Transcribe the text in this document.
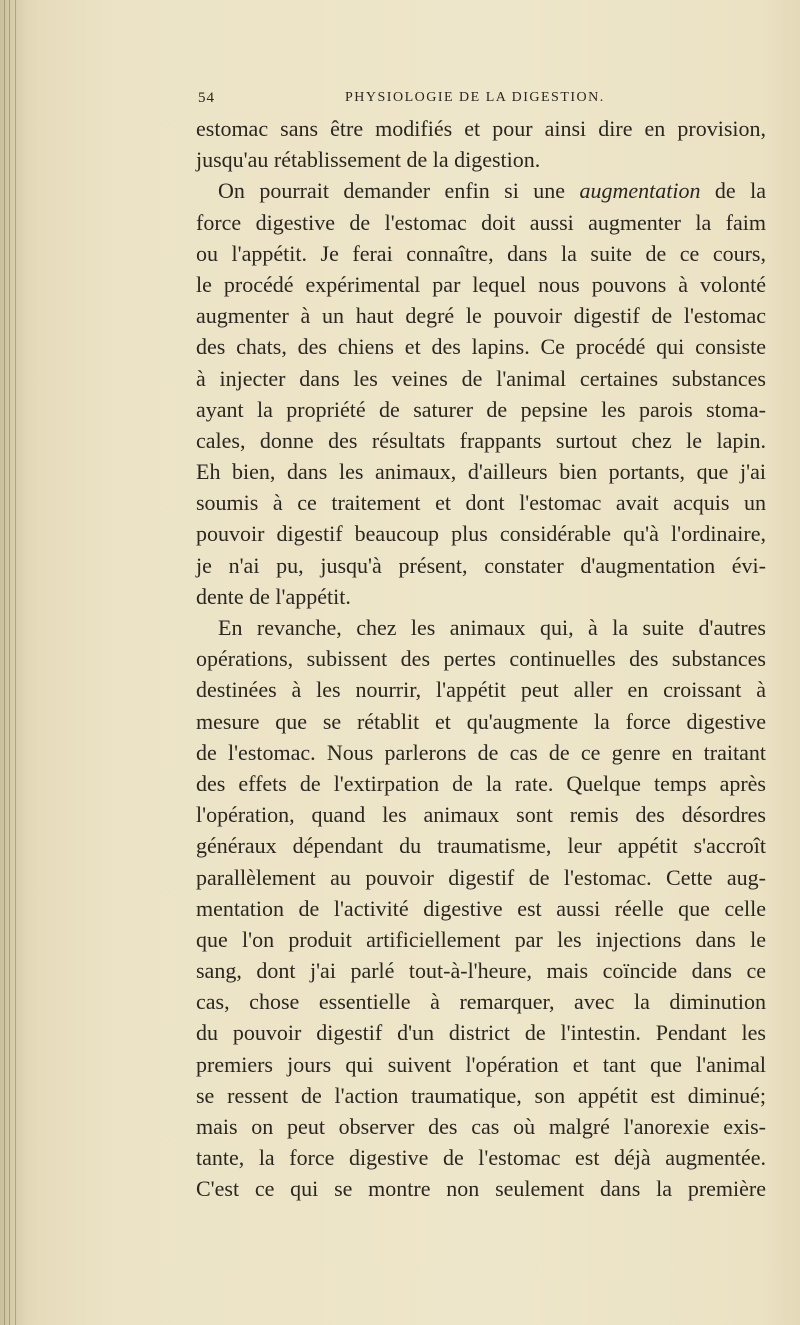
54	PHYSIOLOGIE DE LA DIGESTION.
estomac sans être modifiés et pour ainsi dire en provision,
jusqu'au rétablissement de la digestion.
On pourrait demander enfin si une augmentation de la
force digestive de l'estomac doit aussi augmenter la faim
ou l'appétit. Je ferai connaître, dans la suite de ce cours,
le procédé expérimental par lequel nous pouvons à volonté
augmenter à un haut degré le pouvoir digestif de l'estomac
des chats, des chiens et des lapins. Ce procédé qui consiste
à injecter dans les veines de l'animal certaines substances
ayant la propriété de saturer de pepsine les parois stoma-
cales, donne des résultats frappants surtout chez le lapin.
Eh bien, dans les animaux, d'ailleurs bien portants, que j'ai
soumis à ce traitement et dont l'estomac avait acquis un
pouvoir digestif beaucoup plus considérable qu'à l'ordinaire,
je n'ai pu, jusqu'à présent, constater d'augmentation évi-
dente de l'appétit.
En revanche, chez les animaux qui, à la suite d'autres
opérations, subissent des pertes continuelles des substances
destinées à les nourrir, l'appétit peut aller en croissant à
mesure que se rétablit et qu'augmente la force digestive
de l'estomac. Nous parlerons de cas de ce genre en traitant
des effets de l'extirpation de la rate. Quelque temps après
l'opération, quand les animaux sont remis des désordres
généraux dépendant du traumatisme, leur appétit s'accroît
parallèlement au pouvoir digestif de l'estomac. Cette aug-
mentation de l'activité digestive est aussi réelle que celle
que l'on produit artificiellement par les injections dans le
sang, dont j'ai parlé tout-à-l'heure, mais coïncide dans ce
cas, chose essentielle à remarquer, avec la diminution
du pouvoir digestif d'un district de l'intestin. Pendant les
premiers jours qui suivent l'opération et tant que l'animal
se ressent de l'action traumatique, son appétit est diminué;
mais on peut observer des cas où malgré l'anorexie exis-
tante, la force digestive de l'estomac est déjà augmentée.
C'est ce qui se montre non seulement dans la première
